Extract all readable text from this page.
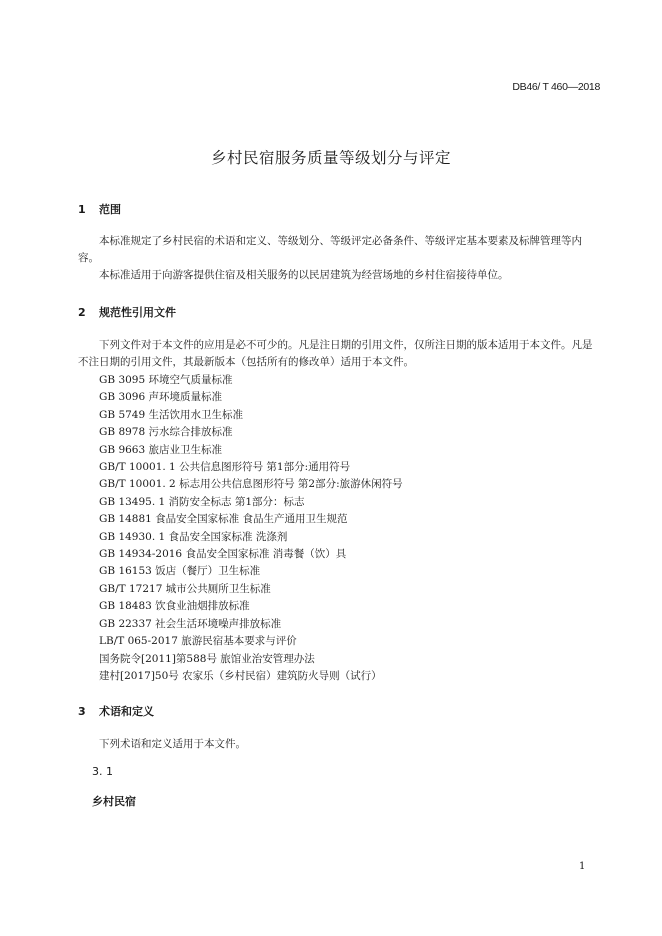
DB46/ T 460—2018
乡村民宿服务质量等级划分与评定
1 范围

本标准规定了乡村民宿的术语和定义、等级划分、等级评定必备条件、等级评定基本要素及标牌管理等内容。

本标准适用于向游客提供住宿及相关服务的以民居建筑为经营场地的乡村住宿接待单位。

2 规范性引用文件

下列文件对于本文件的应用是必不可少的。凡是注日期的引用文件，仅所注日期的版本适用于本文件。凡是不注日期的引用文件，其最新版本（包括所有的修改单）适用于本文件。

GB 3095 环境空气质量标准
GB 3096 声环境质量标准
GB 5749 生活饮用水卫生标准
GB 8978 污水综合排放标准
GB 9663 旅店业卫生标准
GB/T 10001. 1 公共信息图形符号 第1部分:通用符号
GB/T 10001. 2 标志用公共信息图形符号 第2部分:旅游休闲符号
GB 13495. 1 消防安全标志 第1部分：标志
GB 14881 食品安全国家标准 食品生产通用卫生规范
GB 14930. 1 食品安全国家标准 洗涤剂
GB 14934-2016 食品安全国家标准 消毒餐（饮）具
GB 16153 饭店（餐厅）卫生标准
GB/T 17217 城市公共厕所卫生标准
GB 18483 饮食业油烟排放标准
GB 22337 社会生活环境噪声排放标准
LB/T 065-2017 旅游民宿基本要求与评价
国务院令[2011]第588号 旅馆业治安管理办法
建村[2017]50号 农家乐（乡村民宿）建筑防火导则（试行）
3 术语和定义

下列术语和定义适用于本文件。

3. 1
乡村民宿
1
